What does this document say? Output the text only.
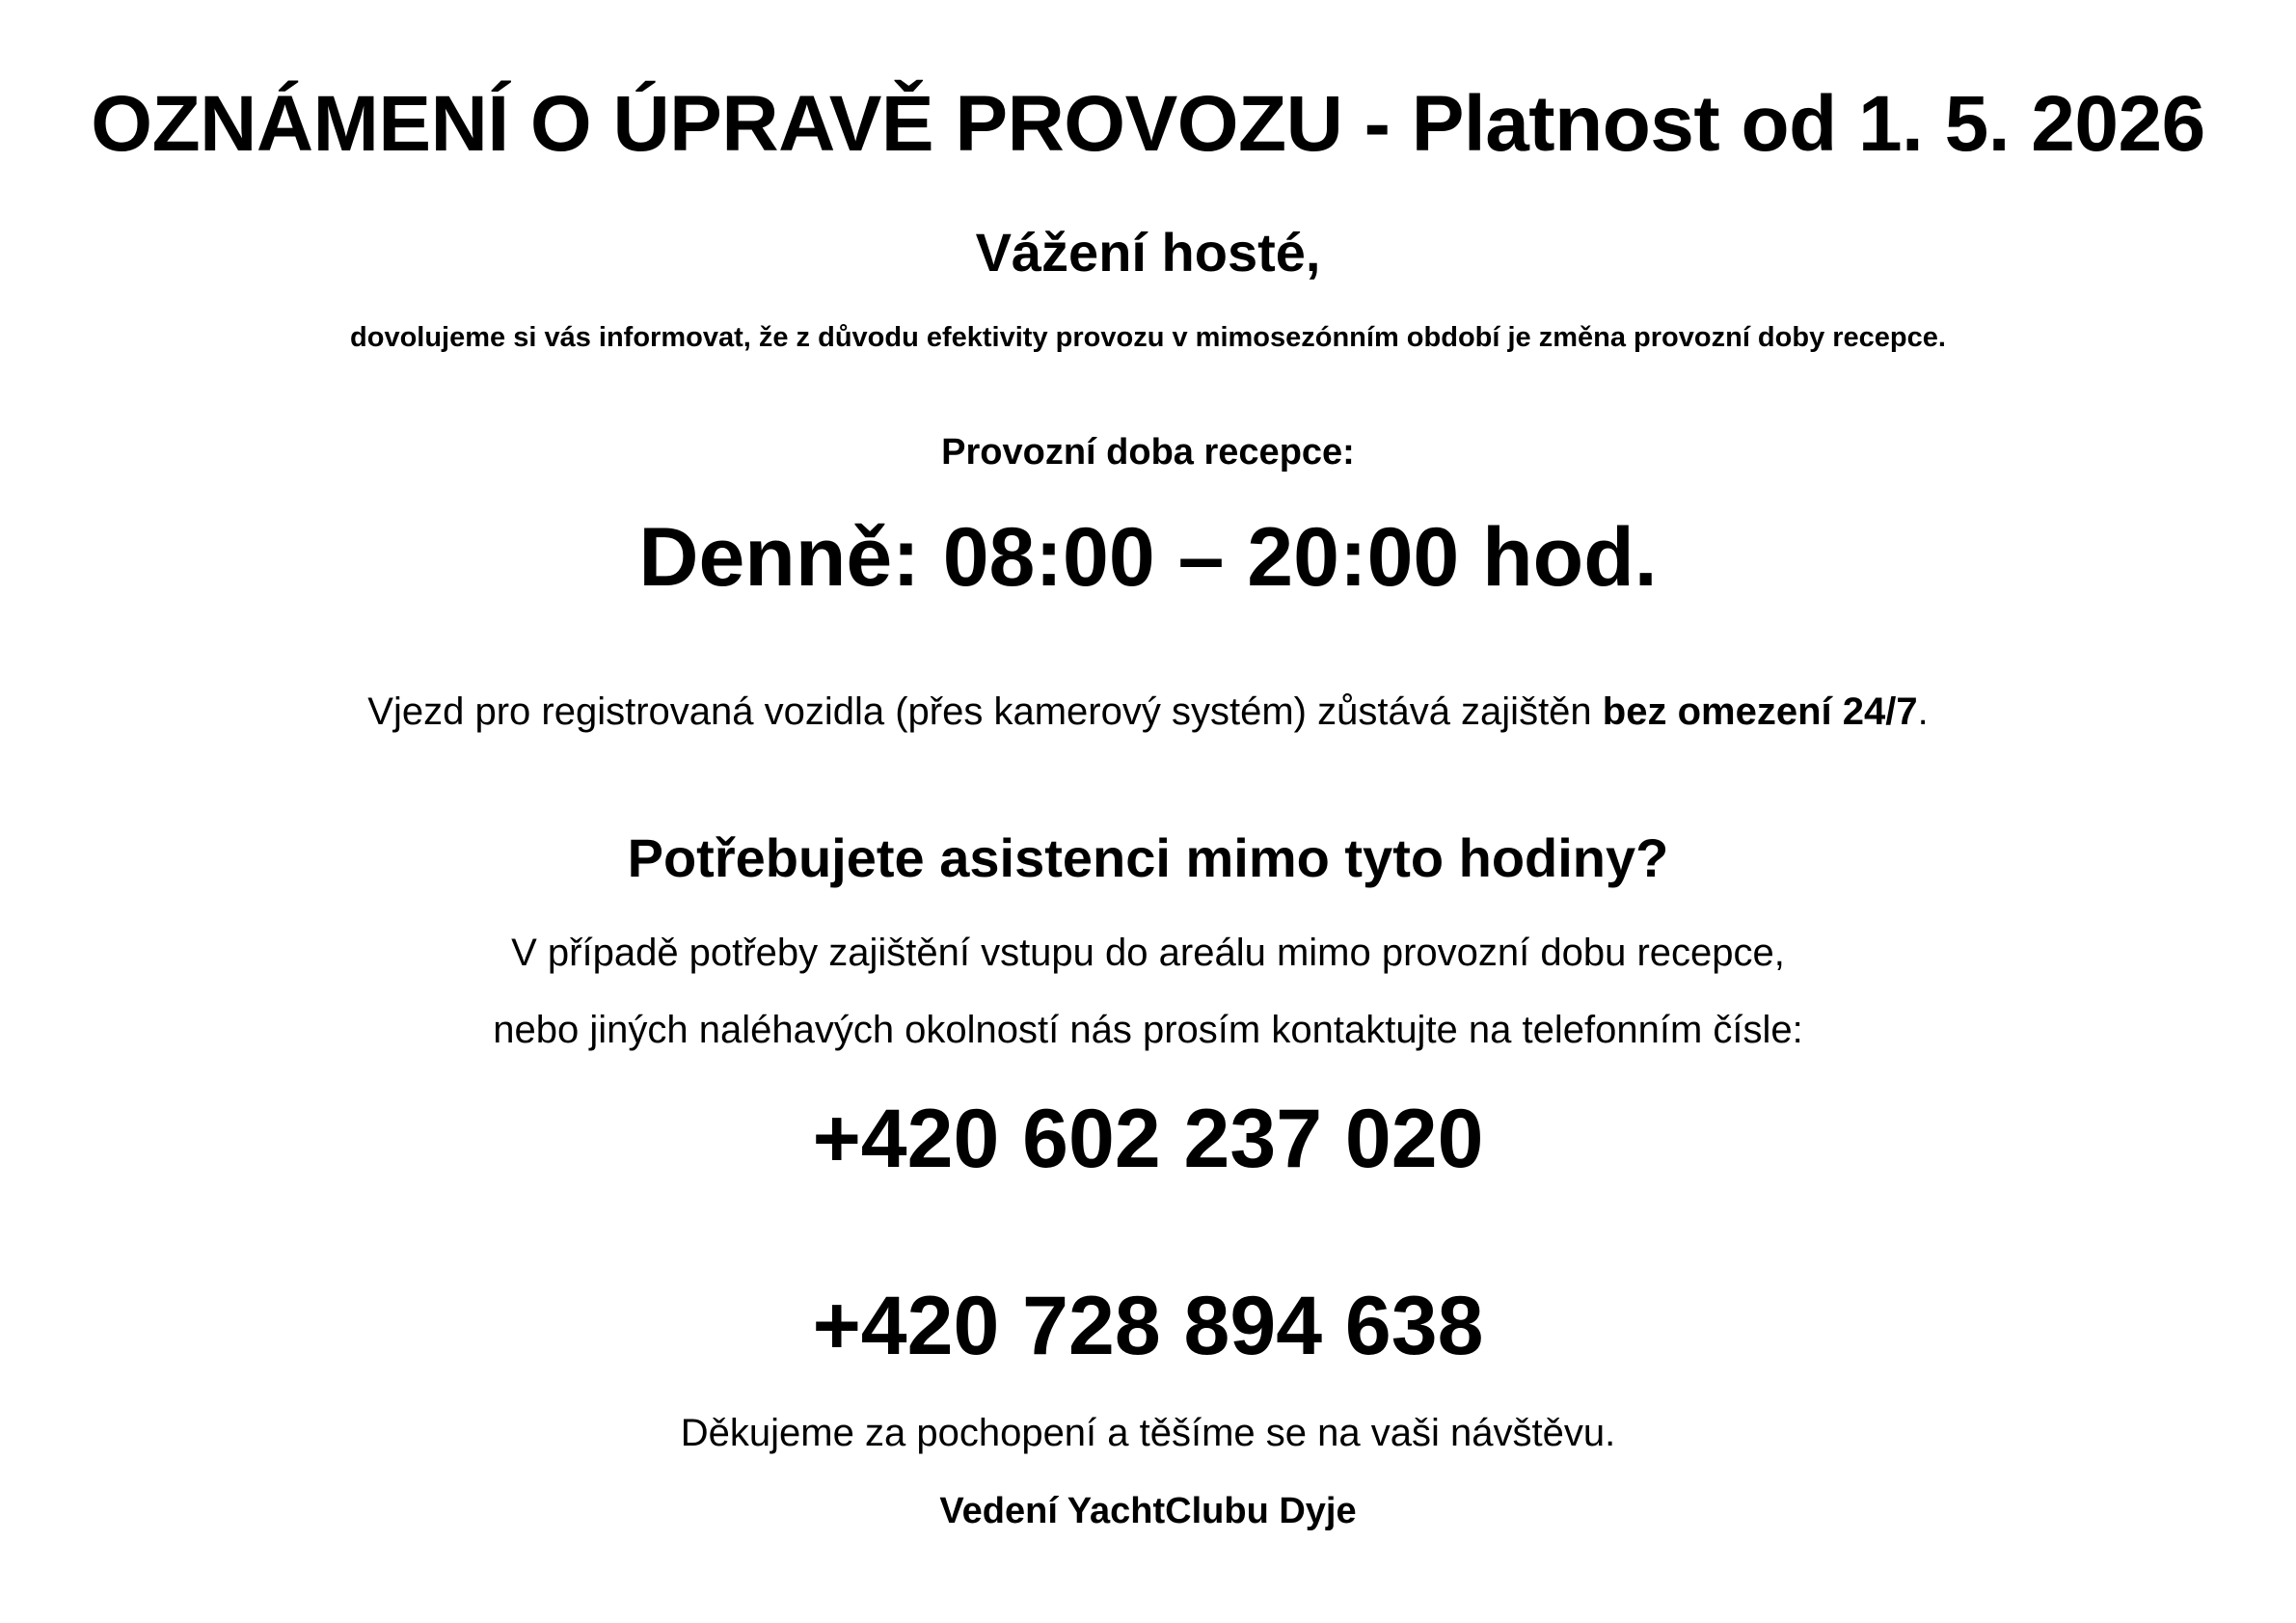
OZNÁMENÍ O ÚPRAVĚ PROVOZU - Platnost od 1. 5. 2026
Vážení hosté,
dovolujeme si vás informovat, že z důvodu efektivity provozu v mimosezónním období je změna provozní doby recepce.
Provozní doba recepce:
Denně: 08:00 – 20:00 hod.
Vjezd pro registrovaná vozidla (přes kamerový systém) zůstává zajištěn bez omezení 24/7.
Potřebujete asistenci mimo tyto hodiny?
V případě potřeby zajištění vstupu do areálu mimo provozní dobu recepce,
nebo jiných naléhavých okolností nás prosím kontaktujte na telefonním čísle:
+420 602 237 020
+420 728 894 638
Děkujeme za pochopení a těšíme se na vaši návštěvu.
Vedení YachtClubu Dyje
